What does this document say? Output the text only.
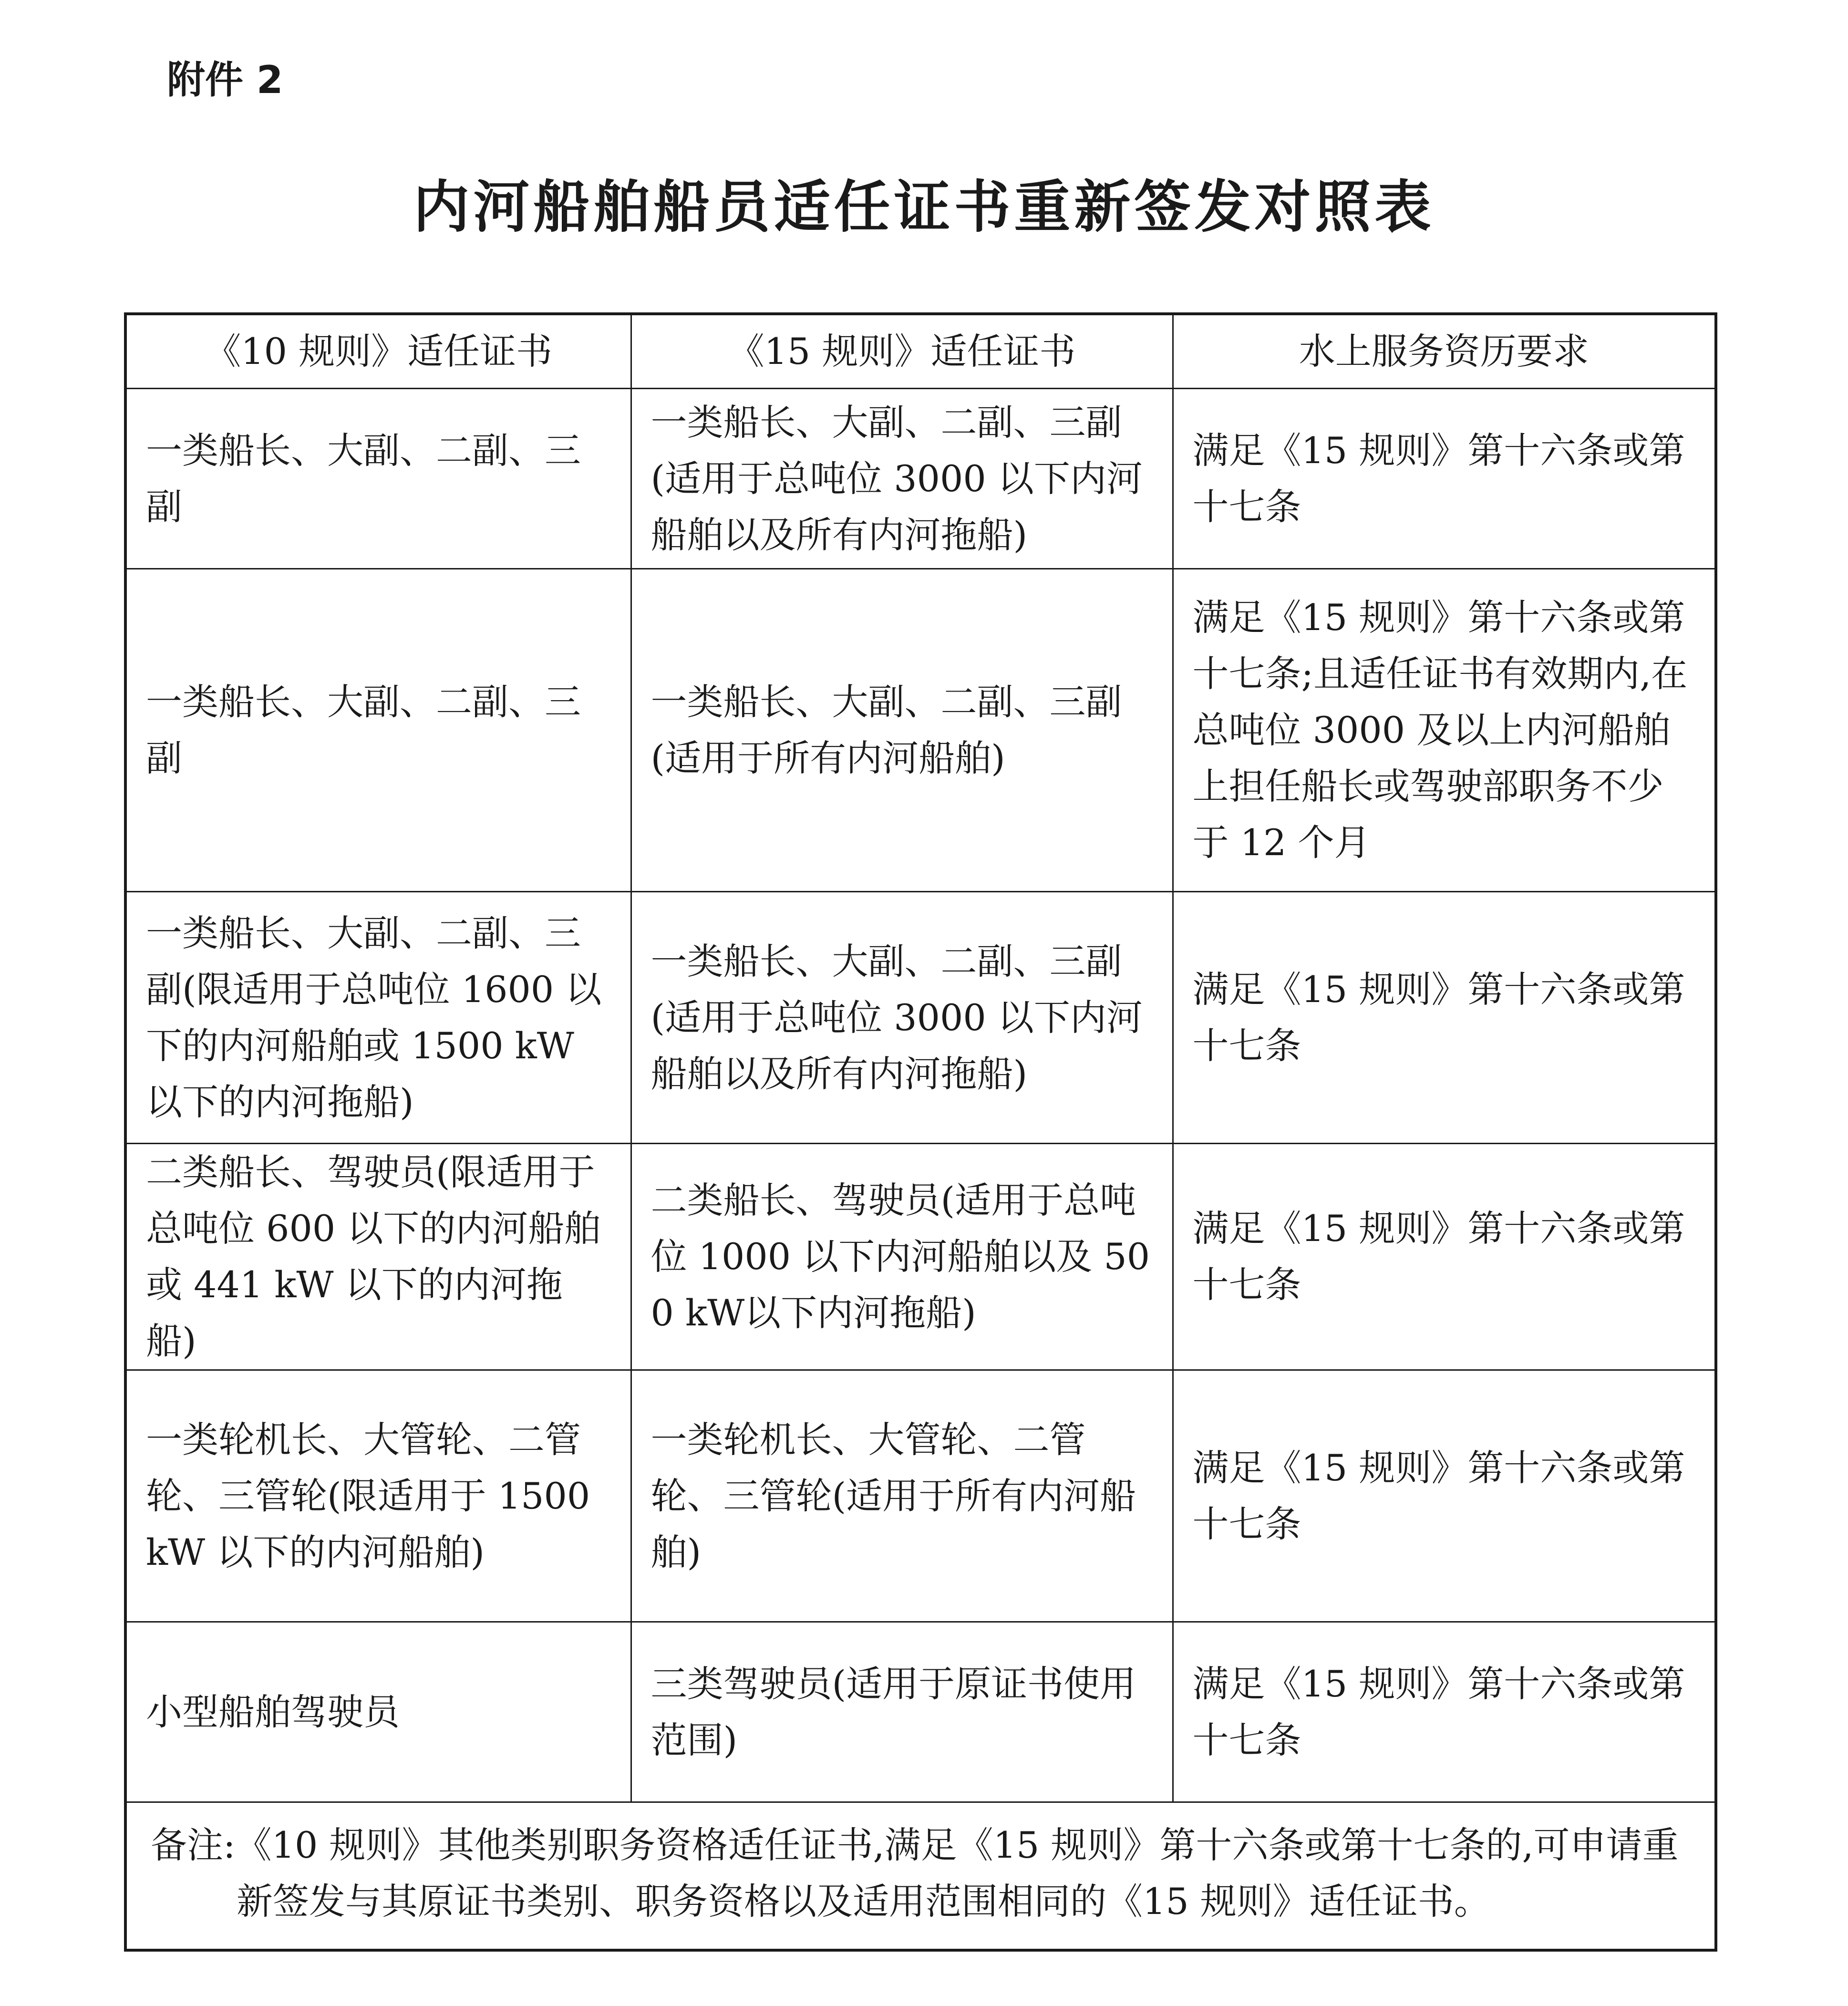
附件 2
内河船舶船员适任证书重新签发对照表
《10 规则》适任证书	《15 规则》适任证书	水上服务资历要求
一类船长、大副、二副、三副	一类船长、大副、二副、三副(适用于总吨位 3000 以下内河船舶以及所有内河拖船)	满足《15 规则》第十六条或第十七条
一类船长、大副、二副、三副	一类船长、大副、二副、三副(适用于所有内河船舶)	满足《15 规则》第十六条或第十七条;且适任证书有效期内,在总吨位 3000 及以上内河船舶上担任船长或驾驶部职务不少于 12 个月
一类船长、大副、二副、三副(限适用于总吨位 1600 以下的内河船舶或 1500 kW 以下的内河拖船)	一类船长、大副、二副、三副(适用于总吨位 3000 以下内河船舶以及所有内河拖船)	满足《15 规则》第十六条或第十七条
二类船长、驾驶员(限适用于总吨位 600 以下的内河船舶或 441 kW 以下的内河拖船)	二类船长、驾驶员(适用于总吨位 1000 以下内河船舶以及 500 kW以下内河拖船)	满足《15 规则》第十六条或第十七条
一类轮机长、大管轮、二管轮、三管轮(限适用于 1500 kW 以下的内河船舶)	一类轮机长、大管轮、二管轮、三管轮(适用于所有内河船舶)	满足《15 规则》第十六条或第十七条
小型船舶驾驶员	三类驾驶员(适用于原证书使用范围)	满足《15 规则》第十六条或第十七条

备注:《10 规则》其他类别职务资格适任证书,满足《15 规则》第十六条或第十七条的,可申请重新签发与其原证书类别、职务资格以及适用范围相同的《15 规则》适任证书。		
